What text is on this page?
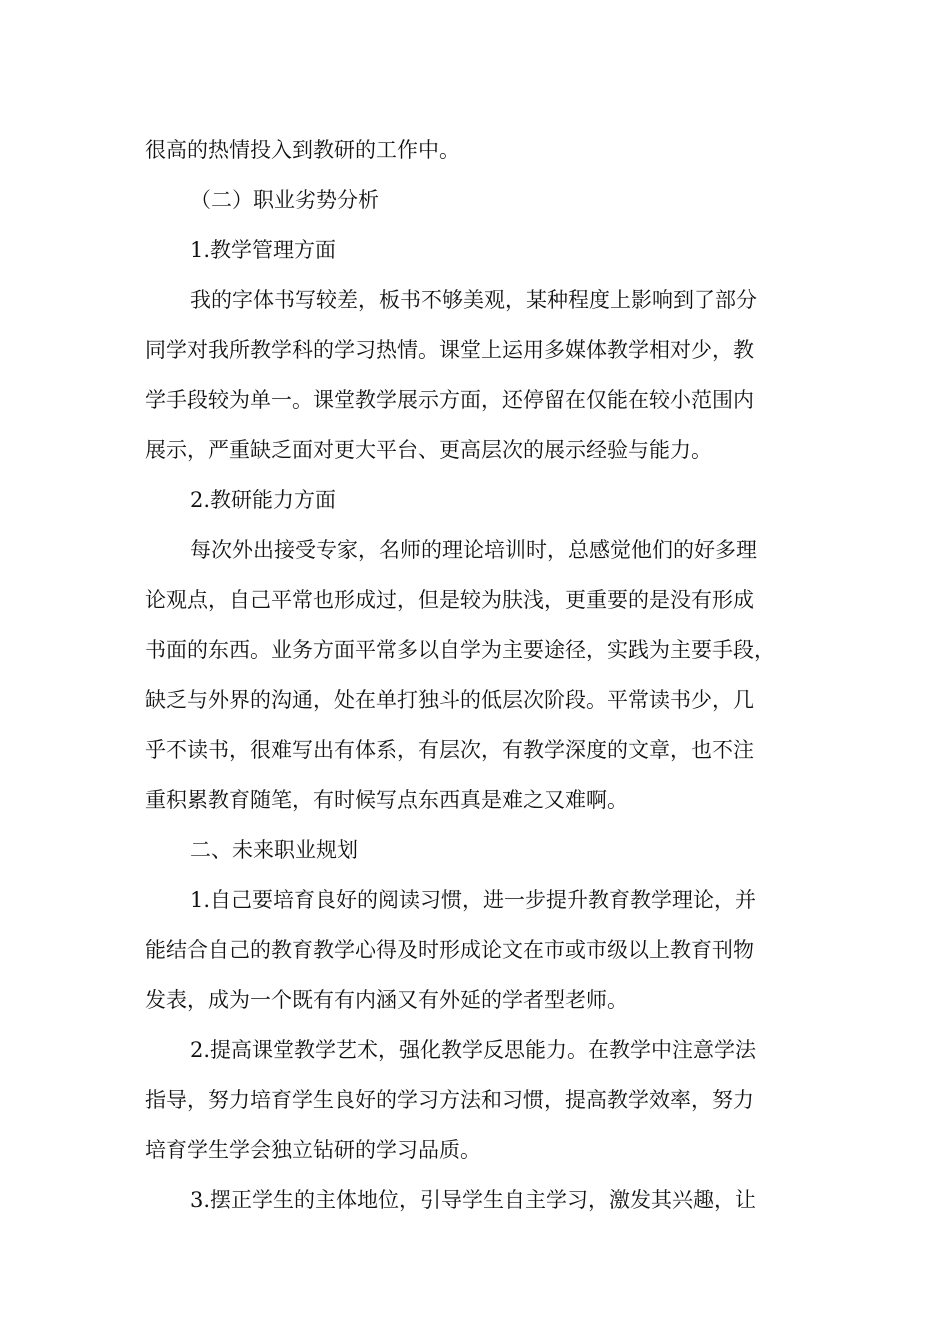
很高的热情投入到教研的工作中。

（二）职业劣势分析

1.教学管理方面

我的字体书写较差，板书不够美观，某种程度上影响到了部分

同学对我所教学科的学习热情。课堂上运用多媒体教学相对少，教

学手段较为单一。课堂教学展示方面，还停留在仅能在较小范围内

展示，严重缺乏面对更大平台、更高层次的展示经验与能力。

2.教研能力方面

每次外出接受专家，名师的理论培训时，总感觉他们的好多理

论观点，自己平常也形成过，但是较为肤浅，更重要的是没有形成

书面的东西。业务方面平常多以自学为主要途径，实践为主要手段，

缺乏与外界的沟通，处在单打独斗的低层次阶段。平常读书少，几

乎不读书，很难写出有体系，有层次，有教学深度的文章，也不注

重积累教育随笔，有时候写点东西真是难之又难啊。

二、未来职业规划

1.自己要培育良好的阅读习惯，进一步提升教育教学理论，并

能结合自己的教育教学心得及时形成论文在市或市级以上教育刊物

发表，成为一个既有有内涵又有外延的学者型老师。

2.提高课堂教学艺术，强化教学反思能力。在教学中注意学法

指导，努力培育学生良好的学习方法和习惯，提高教学效率，努力

培育学生学会独立钻研的学习品质。

3.摆正学生的主体地位，引导学生自主学习，激发其兴趣，让
